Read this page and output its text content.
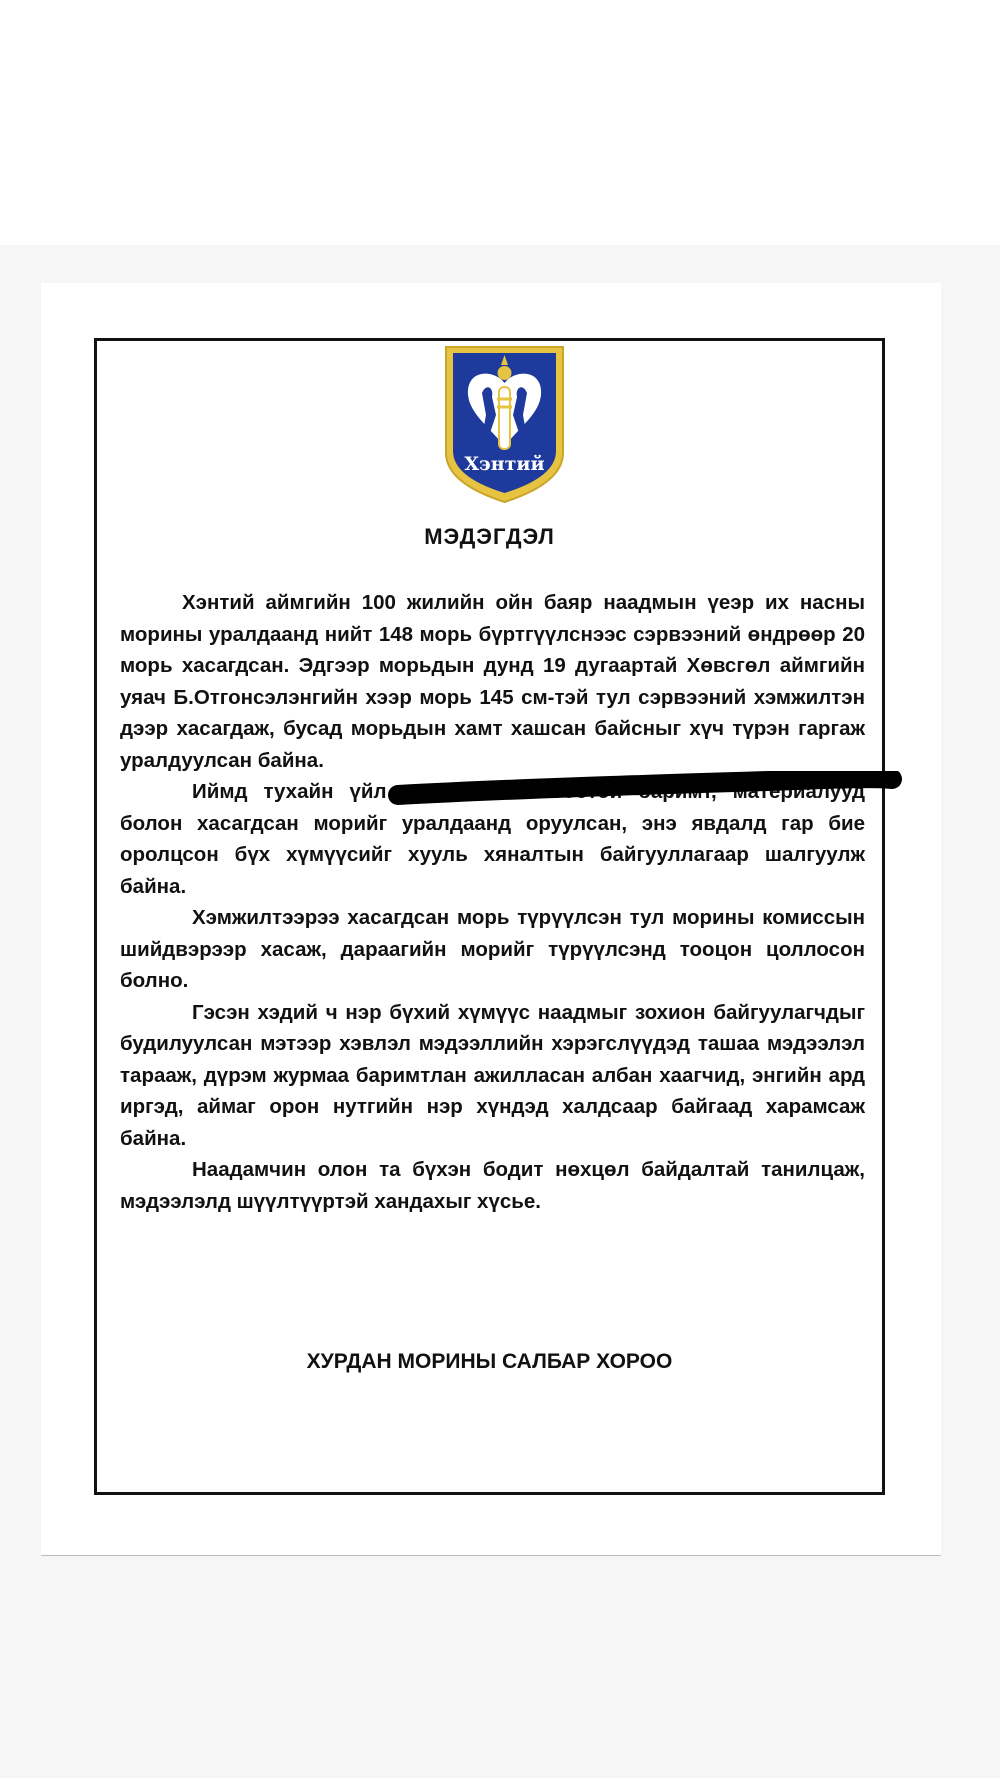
Хэнтий
МЭДЭГДЭЛ

Хэнтий аймгийн 100 жилийн ойн баяр наадмын үеэр их насны морины уралдаанд нийт 148 морь бүртгүүлснээс сэрвээний өндрөөр 20 морь хасагдсан. Эдгээр морьдын дунд 19 дугаартай Хөвсгөл аймгийн уяач Б.Отгонсэлэнгийн хээр морь 145 см-тэй тул сэрвээний хэмжилтэн дээр хасагдаж, бусад морьдын хамт хашсан байсныг хүч түрэн гаргаж уралдуулсан байна.

Иймд тухайн үйл явдалтай холбоотой баримт, материалууд болон хасагдсан морийг уралдаанд оруулсан, энэ явдалд гар бие оролцсон бүх хүмүүсийг хууль хяналтын байгууллагаар шалгуулж байна.

Хэмжилтээрээ хасагдсан морь түрүүлсэн тул морины комиссын шийдвэрээр хасаж, дараагийн морийг түрүүлсэнд тооцон цоллосон болно.

Гэсэн хэдий ч нэр бүхий хүмүүс наадмыг зохион байгуулагчдыг будилуулсан мэтээр хэвлэл мэдээллийн хэрэгслүүдэд ташаа мэдээлэл тарааж, дүрэм журмаа баримтлан ажилласан албан хаагчид, энгийн ард иргэд, аймаг орон нутгийн нэр хүндэд халдсаар байгаад харамсаж байна.

Наадамчин олон та бүхэн бодит нөхцөл байдалтай танилцаж, мэдээлэлд шүүлтүүртэй хандахыг хүсье.

ХУРДАН МОРИНЫ САЛБАР ХОРОО
